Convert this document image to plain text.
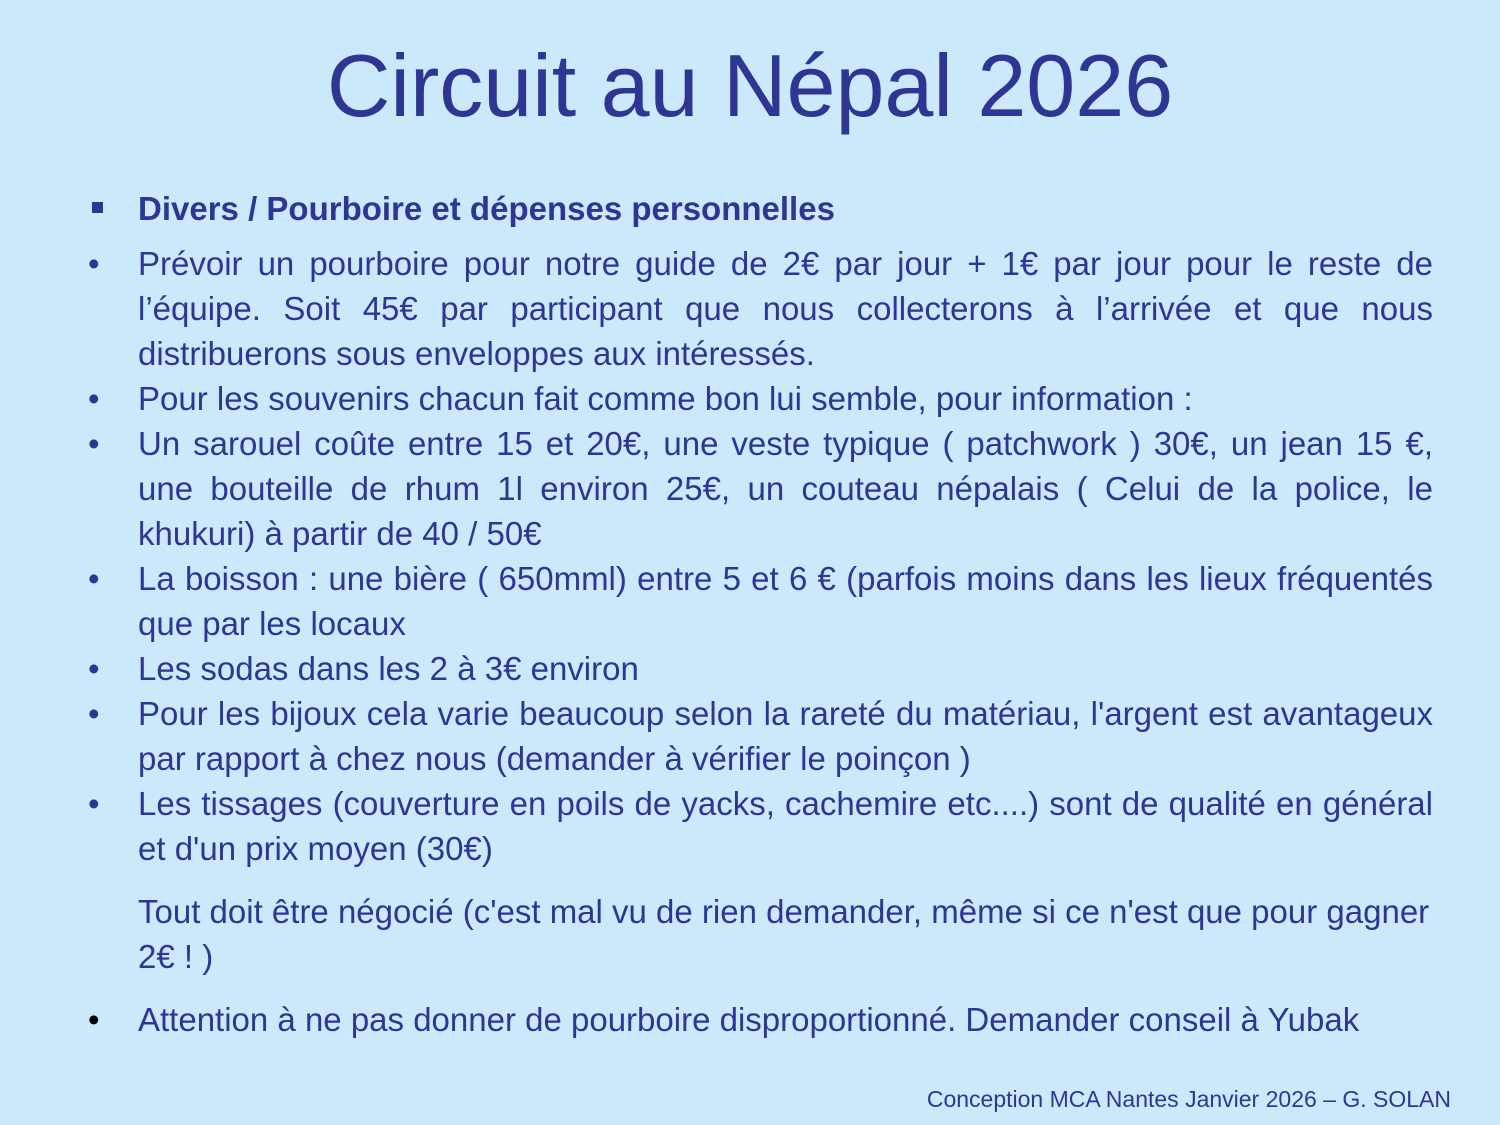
Circuit au Népal 2026
Divers / Pourboire et dépenses personnelles
•	Prévoir un pourboire pour notre guide de 2€ par jour + 1€ par jour pour le reste de l’équipe. Soit 45€ par participant que nous collecterons à l’arrivée et que nous distribuerons sous enveloppes aux intéressés.
•	Pour les souvenirs chacun fait comme bon lui semble, pour information :
•	Un sarouel coûte entre 15 et 20€, une veste typique ( patchwork ) 30€, un jean 15 €, une bouteille de rhum 1l environ 25€, un couteau népalais ( Celui de la police, le khukuri) à partir de 40 / 50€
•	La boisson : une bière ( 650mml) entre 5 et 6 € (parfois moins dans les lieux fréquentés que par les locaux
•	Les sodas dans les 2 à 3€ environ
•	Pour les bijoux cela varie beaucoup selon la rareté du matériau, l'argent est avantageux par rapport à chez nous (demander à vérifier le poinçon )
•	Les tissages (couverture en poils de yacks, cachemire etc....) sont de qualité en général et d'un prix moyen (30€)
Tout doit être négocié (c'est mal vu de rien demander, même si ce n'est que pour gagner 2€ ! )
•	Attention à ne pas donner de pourboire disproportionné. Demander conseil à Yubak
Conception MCA Nantes Janvier 2026 – G. SOLAN
